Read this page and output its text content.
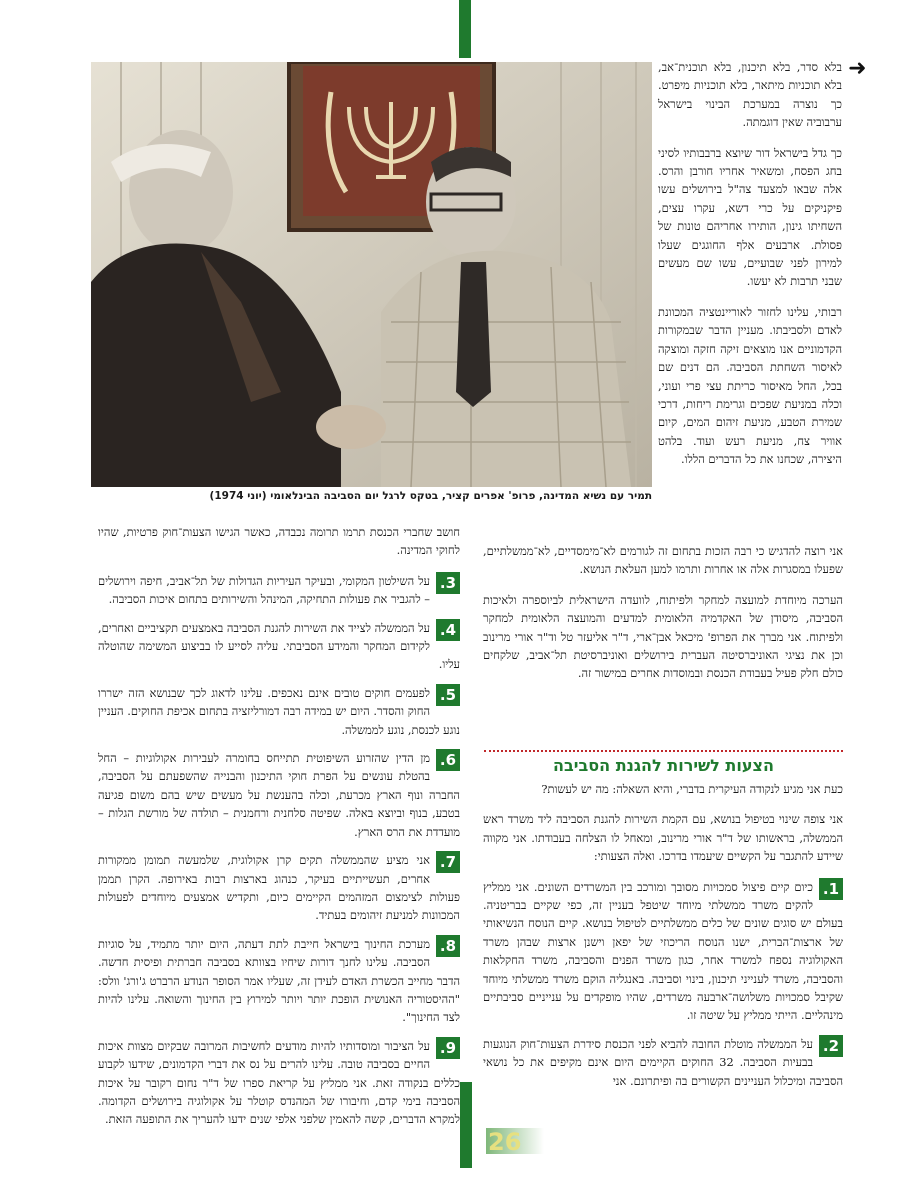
➜
תמיר עם נשיא המדינה, פרופ' אפרים קציר, בטקס לרגל יום הסביבה הבינלאומי (יוני 1974)

בלא סדר, בלא תיכנון, בלא תוכנית־אב, בלא תוכניות מיתאר, בלא תוכניות מיפרט. כך נוצרה במערכת הבינוי בישראל ערבוביה שאין דוגמתה.

כך גדל בישראל דור שיוצא ברבבותיו לסיני בחג הפסח, ומשאיר אחריו חורבן והרס. אלה שבאו למצעד צה"ל בירושלים עשו פיקניקים על כרי דשא, עקרו עצים, השחיתו גינון, הותירו אחריהם טונות של פסולת. ארבעים אלף החוגגים שעלו למירון לפני שבועיים, עשו שם מעשים שבני תרבות לא יעשו.

רבותי, עלינו לחזור לאוריינטציה המכוונת לאדם ולסביבתו. מעניין הדבר שבמקורות הקדמוניים אנו מוצאים זיקה חזקה ומוצקה לאיסור השחתת הסביבה. הם דנים שם בכל, החל מאיסור כריתת עצי פרי ועוני, וכלה במניעת שפכים וגרימת ריחות, דרכי שמירת הטבע, מניעת זיהום המים, קיום אוויר צח, מניעת רעש ועוד. בלהט היצירה, שכחנו את כל הדברים הללו.

אני רוצה להדגיש כי רבה הזכות בתחום זה לגורמים לא־מימסדיים, לא־ממשלתיים, שפעלו במסגרות אלה או אחרות ותרמו למען העלאת הנושא.

הערכה מיוחדת למועצה למחקר ולפיתוח, לוועדה הישראלית לביוספרה ולאיכות הסביבה, מיסודן של האקדמיה הלאומית למדעים והמועצה הלאומית למחקר ולפיתוח. אני מברך את הפרופ' מיכאל אבן־ארי, ד"ר אליעזר טל וד"ר אורי מרינוב וכן את נציגי האוניברסיטה העברית בירושלים ואוניברסיטת תל־אביב, שלקחים כולם חלק פעיל בעבודת הכנסת ובמוסדות אחרים במישור זה.

הצעות לשירות להגנת הסביבה

כעת אני מגיע לנקודה העיקרית בדברי, והיא השאלה: מה יש לעשות?

אני צופה שינוי בטיפול בנושא, עם הקמת השירות להגנת הסביבה ליד משרד ראש הממשלה, בראשותו של ד"ר אורי מרינוב, ומאחל לו הצלחה בעבודתו. אני מקווה שיידע להתגבר על הקשיים שיעמדו בדרכו. ואלה הצעותי:

1.
כיום קיים פיצול סמכויות מסובך ומורכב בין המשרדים השונים. אני ממליץ להקים משרד ממשלתי מיוחד שיטפל בעניין זה, כפי שקיים בבריטניה. בעולם יש סוגים שונים של כלים ממשלתיים לטיפול בנושא. קיים הנוסח הנשיאותי של ארצות־הברית, ישנו הנוסח הריכוזי של יפאן וישנן ארצות שבהן משרד האקולוגיה נספח למשרד אחר, כגון משרד הפנים והסביבה, משרד החקלאות והסביבה, משרד לענייני תיכנון, בינוי וסביבה. באנגליה הוקם משרד ממשלתי מיוחד שקיבל סמכויות משלושה־ארבעה משרדים, שהיו מופקדים על ענייניים סביבתיים מינהליים. הייתי ממליץ על שיטה זו.
2.
על הממשלה מוטלת החובה להביא לפני הכנסת סידרת הצעות־חוק הנוגעות בבעיות הסביבה. 32 החוקים הקיימים היום אינם מקיפים את כל נושאי הסביבה ומיכלול העניינים הקשורים בה ופיתרונם. אני

חושב שחברי הכנסת תרמו תרומה נכבדה, כאשר הגישו הצעות־חוק פרטיות, שהיו לחוקי המדינה.

3.
על השילטון המקומי, ובעיקר העיריות הגדולות של תל־אביב, חיפה וירושלים – להגביר את פעולות התחיקה, המינהל והשירותים בתחום איכות הסביבה.
4.
על הממשלה לצייד את השירות להגנת הסביבה באמצעים תקציביים ואחרים, לקידום המחקר והמידע הסביבתי. עליה לסייע לו בביצוע המשימה שהוטלה עליו.
5.
לפעמים חוקים טובים אינם נאכפים. עלינו לדאוג לכך שבנושא הזה ישררו החוק והסדר. היום יש במידה רבה דמורליזציה בתחום אכיפת החוקים. העניין נוגע לכנסת, נוגע לממשלה.
6.
מן הדין שהזרוע השיפוטית תתייחס בחומרה לעבירות אקולוגיות – החל בהטלת עונשים על הפרת חוקי התיכנון והבנייה שהשפעתם על הסביבה, החברה ונוף הארץ מכרעת, וכלה בהענשת על מעשים שיש בהם משום פגיעה בטבע, בנוף וביוצא באלה. שפיטה סלחנית ורחמנית – תולדה של מורשת הגלות – מועדדת את הרס הארץ.
7.
אני מציע שהממשלה תקים קרן אקולוגית, שלמעשה תמומן ממקורות אחרים, תעשייתיים בעיקר, כנהוג בארצות רבות באירופה. הקרן תממן פעולות לצימצום המזהמים הקיימים כיום, ותקדיש אמצעים מיוחדים לפעולות המכוונות למניעת זיהומים בעתיד.
8.
מערכת החינוך בישראל חייבת לתת דעתה, היום יותר מתמיד, על סוגיות הסביבה. עלינו לחנך דורות שיחיו בצוותא בסביבה חברתית ופיסית חדשה. הדבר מחייב הכשרת האדם לעידן זה, שעליו אמר הסופר הנודע הרברט ג'ורג' וולס: "ההיסטוריה האנושית הופכת יותר ויותר למירוץ בין החינוך והשואה. עלינו להיות לצד החינוך".
9.
על הציבור ומוסדותיו להיות מודעים לחשיבות המרובה שבקיום מצוות איכות החיים בסביבה טובה. עלינו להרים על נס את דברי הקדמונים, שידעו לקבוע כללים בנקודה זאת. אני ממליץ על קריאת ספרו של ד"ר נחום רקובר על איכות הסביבה בימי קדם, וחיבורו של המהנדס קוטלר על אקולוגיה בירושלים הקדומה. למקרא הדברים, קשה להאמין שלפני אלפי שנים ידעו להעריך את התופעה הזאת.
26
